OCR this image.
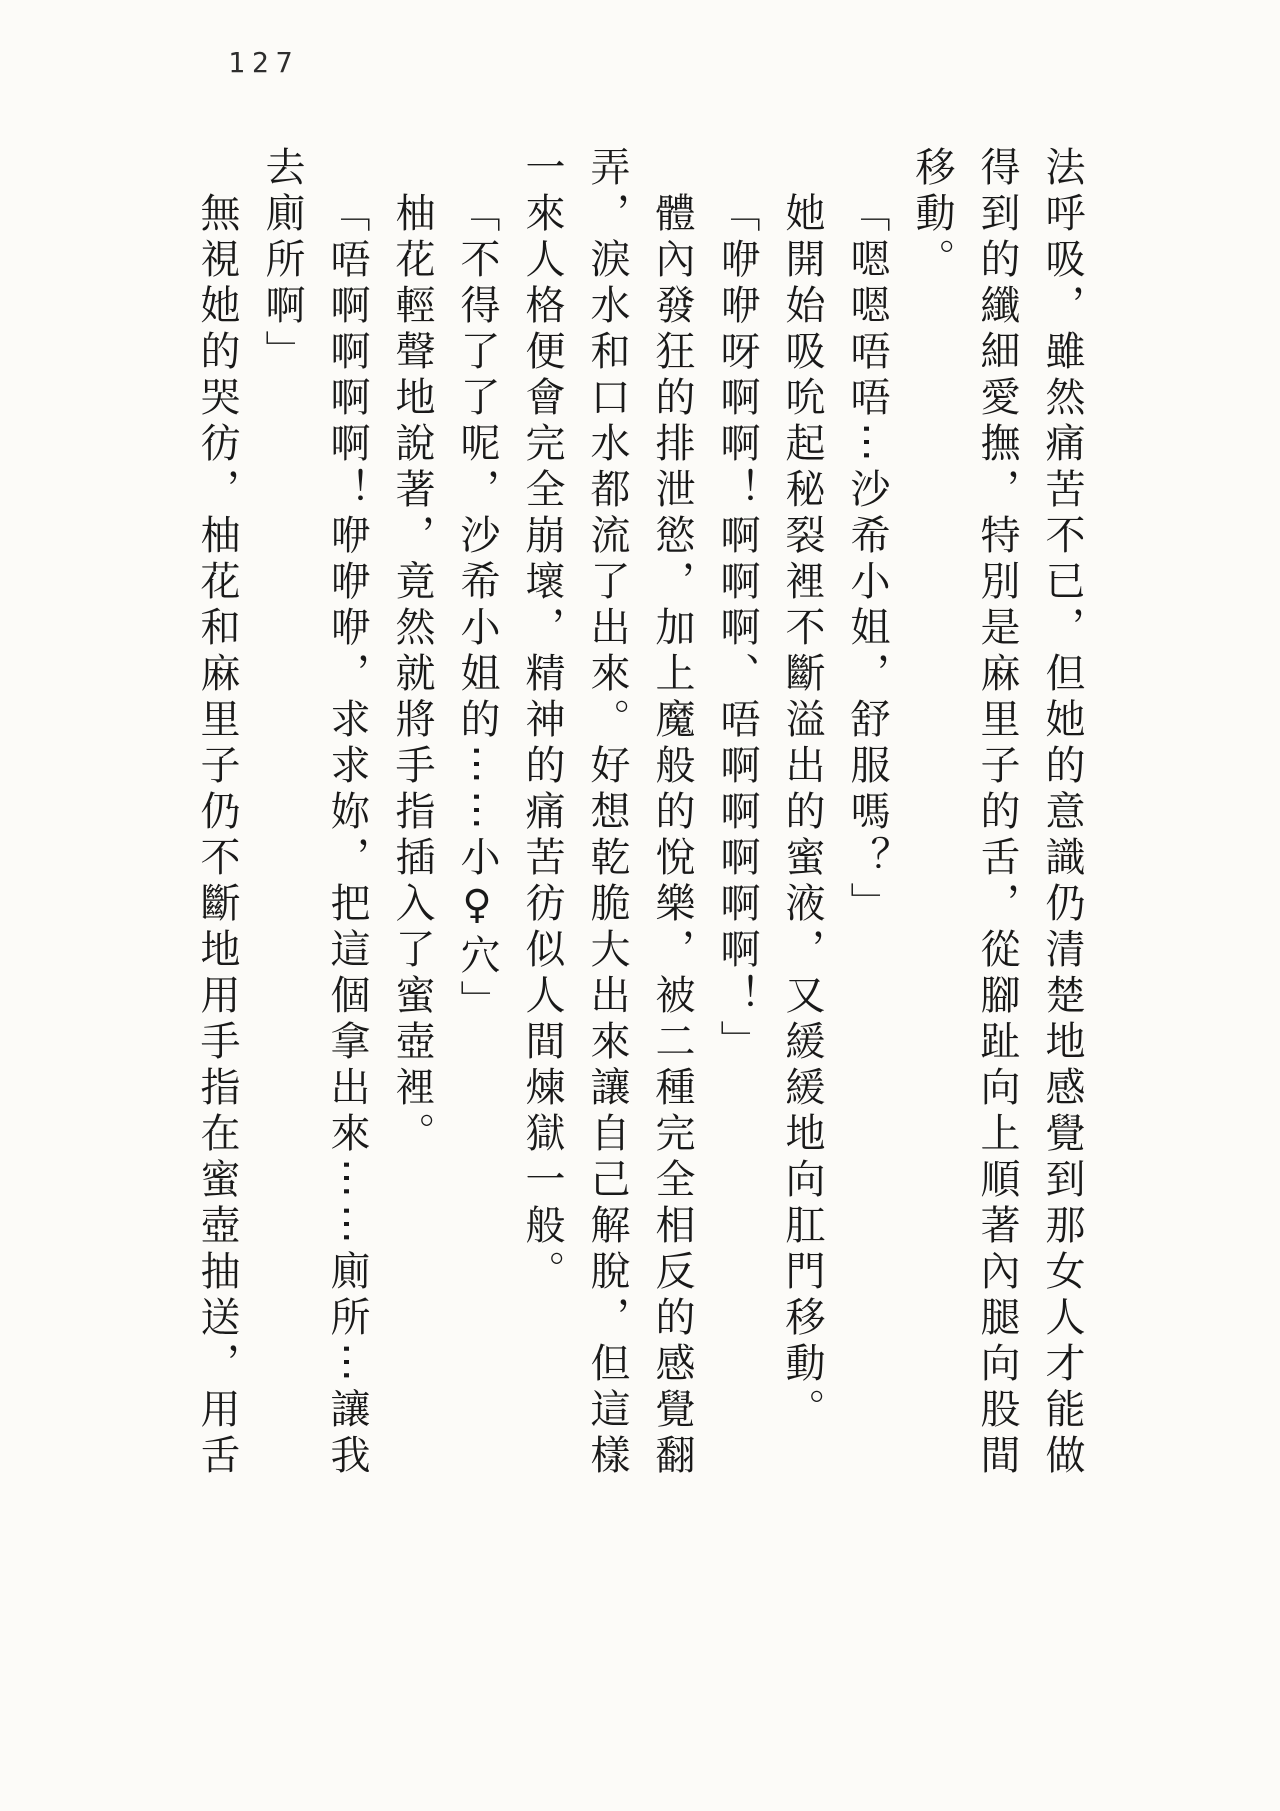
127

法呼吸，雖然痛苦不已，但她的意識仍清楚地感覺到那女人才能做得到的纖細愛撫，特別是麻里子的舌，從腳趾向上順著內腿向股間移動。

「嗯嗯唔唔⋯沙希小姐，舒服嗎？」

她開始吸吮起秘裂裡不斷溢出的蜜液，又緩緩地向肛門移動。

「咿咿呀啊啊！啊啊啊、唔啊啊啊啊啊！」

體內發狂的排泄慾，加上魔般的悅樂，被二種完全相反的感覺翻弄，淚水和口水都流了出來。好想乾脆大出來讓自己解脫，但這樣一來人格便會完全崩壞，精神的痛苦彷似人間煉獄一般。

「不得了了呢，沙希小姐的⋯⋯小♀穴」

柚花輕聲地說著，竟然就將手指插入了蜜壺裡。

「唔啊啊啊啊！咿咿咿，求求妳，把這個拿出來⋯⋯廁所⋯讓我去廁所啊」

無視她的哭彷，柚花和麻里子仍不斷地用手指在蜜壺抽送，用舌
